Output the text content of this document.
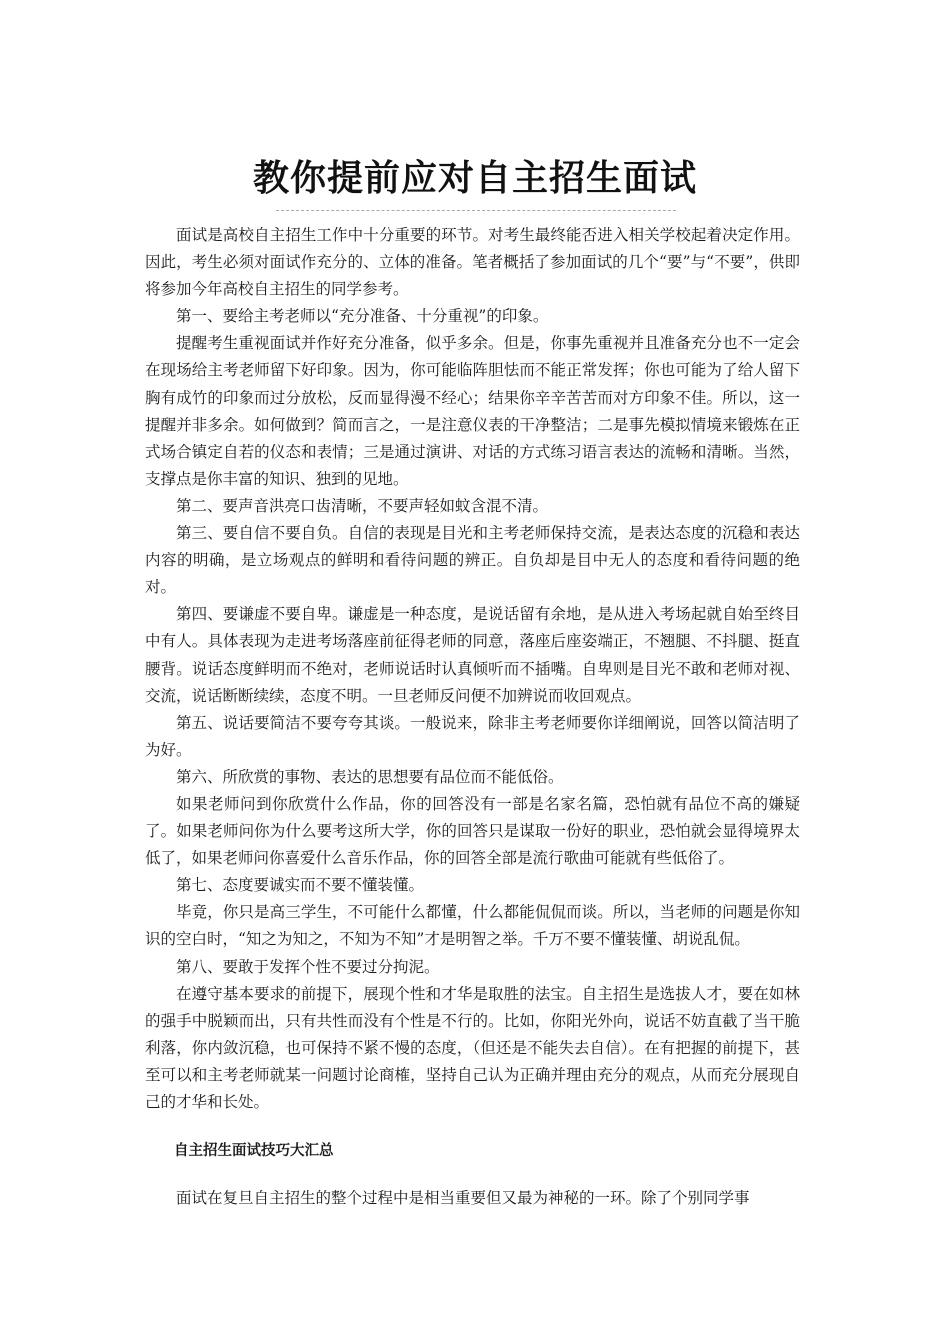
教你提前应对自主招生面试

面试是高校自主招生工作中十分重要的环节。对考生最终能否进入相关学校起着决定作用。因此，考生必须对面试作充分的、立体的准备。笔者概括了参加面试的几个“要”与“不要”，供即将参加今年高校自主招生的同学参考。

第一、要给主考老师以“充分准备、十分重视”的印象。

提醒考生重视面试并作好充分准备，似乎多余。但是，你事先重视并且准备充分也不一定会在现场给主考老师留下好印象。因为，你可能临阵胆怯而不能正常发挥；你也可能为了给人留下胸有成竹的印象而过分放松，反而显得漫不经心；结果你辛辛苦苦而对方印象不佳。所以，这一提醒并非多余。如何做到？简而言之，一是注意仪表的干净整洁；二是事先模拟情境来锻炼在正式场合镇定自若的仪态和表情；三是通过演讲、对话的方式练习语言表达的流畅和清晰。当然，支撑点是你丰富的知识、独到的见地。

第二、要声音洪亮口齿清晰，不要声轻如蚊含混不清。

第三、要自信不要自负。自信的表现是目光和主考老师保持交流，是表达态度的沉稳和表达内容的明确，是立场观点的鲜明和看待问题的辨正。自负却是目中无人的态度和看待问题的绝对。

第四、要谦虚不要自卑。谦虚是一种态度，是说话留有余地，是从进入考场起就自始至终目中有人。具体表现为走进考场落座前征得老师的同意，落座后座姿端正，不翘腿、不抖腿、挺直腰背。说话态度鲜明而不绝对，老师说话时认真倾听而不插嘴。自卑则是目光不敢和老师对视、交流，说话断断续续，态度不明。一旦老师反问便不加辨说而收回观点。

第五、说话要简洁不要夸夸其谈。一般说来，除非主考老师要你详细阐说，回答以简洁明了为好。

第六、所欣赏的事物、表达的思想要有品位而不能低俗。

如果老师问到你欣赏什么作品，你的回答没有一部是名家名篇，恐怕就有品位不高的嫌疑了。如果老师问你为什么要考这所大学，你的回答只是谋取一份好的职业，恐怕就会显得境界太低了，如果老师问你喜爱什么音乐作品，你的回答全部是流行歌曲可能就有些低俗了。

第七、态度要诚实而不要不懂装懂。

毕竟，你只是高三学生，不可能什么都懂，什么都能侃侃而谈。所以，当老师的问题是你知识的空白时，“知之为知之，不知为不知”才是明智之举。千万不要不懂装懂、胡说乱侃。

第八、要敢于发挥个性不要过分拘泥。

在遵守基本要求的前提下，展现个性和才华是取胜的法宝。自主招生是选拔人才，要在如林的强手中脱颖而出，只有共性而没有个性是不行的。比如，你阳光外向，说话不妨直截了当干脆利落，你内敛沉稳，也可保持不紧不慢的态度，（但还是不能失去自信）。在有把握的前提下，甚至可以和主考老师就某一问题讨论商榷，坚持自己认为正确并理由充分的观点，从而充分展现自己的才华和长处。

自主招生面试技巧大汇总

面试在复旦自主招生的整个过程中是相当重要但又最为神秘的一环。除了个别同学事
